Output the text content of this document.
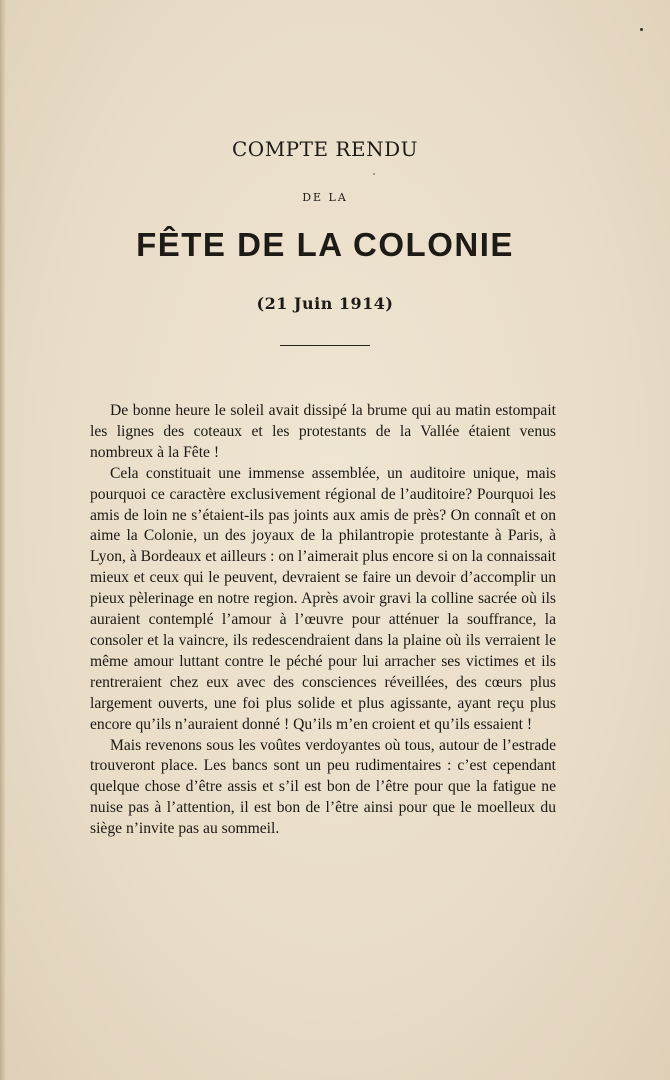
COMPTE RENDU
DE LA
FÊTE DE LA COLONIE
(21 Juin 1914)

De bonne heure le soleil avait dissipé la brume qui au matin estompait les lignes des coteaux et les protestants de la Vallée étaient venus nombreux à la Fête !

Cela constituait une immense assemblée, un auditoire unique, mais pourquoi ce caractère exclusivement régional de l’auditoire? Pourquoi les amis de loin ne s’étaient-ils pas joints aux amis de près? On connaît et on aime la Colonie, un des joyaux de la philantropie protestante à Paris, à Lyon, à Bordeaux et ailleurs : on l’aimerait plus encore si on la connaissait mieux et ceux qui le peuvent, devraient se faire un devoir d’accomplir un pieux pèlerinage en notre region. Après avoir gravi la colline sacrée où ils auraient contemplé l’amour à l’œuvre pour atténuer la souffrance, la consoler et la vaincre, ils redescendraient dans la plaine où ils verraient le même amour luttant contre le péché pour lui arracher ses victimes et ils rentreraient chez eux avec des consciences réveillées, des cœurs plus largement ouverts, une foi plus solide et plus agissante, ayant reçu plus encore qu’ils n’auraient donné ! Qu’ils m’en croient et qu’ils essaient !

Mais revenons sous les voûtes verdoyantes où tous, autour de l’estrade trouveront place. Les bancs sont un peu rudimentaires : c’est cependant quelque chose d’être assis et s’il est bon de l’être pour que la fatigue ne nuise pas à l’attention, il est bon de l’être ainsi pour que le moelleux du siège n’invite pas au sommeil.
